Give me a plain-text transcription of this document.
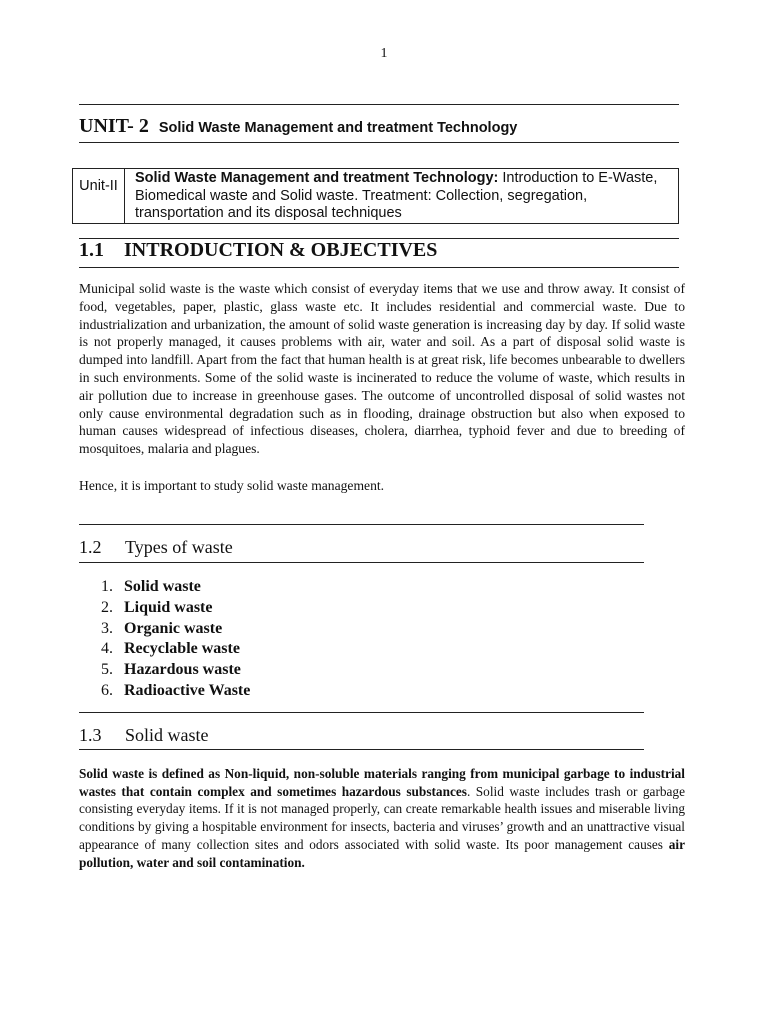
1
UNIT- 2 Solid Waste Management and treatment Technology
Unit-II	Solid Waste Management and treatment Technology: Introduction to E-Waste, Biomedical waste and Solid waste. Treatment: Collection, segregation, transportation and its disposal techniques
1.1 INTRODUCTION & OBJECTIVES

Municipal solid waste is the waste which consist of everyday items that we use and throw away. It consist of food, vegetables, paper, plastic, glass waste etc. It includes residential and commercial waste. Due to industrialization and urbanization, the amount of solid waste generation is increasing day by day. If solid waste is not properly managed, it causes problems with air, water and soil. As a part of disposal solid waste is dumped into landfill. Apart from the fact that human health is at great risk, life becomes unbearable to dwellers in such environments. Some of the solid waste is incinerated to reduce the volume of waste, which results in air pollution due to increase in greenhouse gases. The outcome of uncontrolled disposal of solid wastes not only cause environmental degradation such as in flooding, drainage obstruction but also when exposed to human causes widespread of infectious diseases, cholera, diarrhea, typhoid fever and due to breeding of mosquitoes, malaria and plagues.

Hence, it is important to study solid waste management.

1.2 Types of waste
1. Solid waste
2. Liquid waste
3. Organic waste
4. Recyclable waste
5. Hazardous waste
6. Radioactive Waste
1.3 Solid waste

Solid waste is defined as Non-liquid, non-soluble materials ranging from municipal garbage to industrial wastes that contain complex and sometimes hazardous substances. Solid waste includes trash or garbage consisting everyday items. If it is not managed properly, can create remarkable health issues and miserable living conditions by giving a hospitable environment for insects, bacteria and viruses’ growth and an unattractive visual appearance of many collection sites and odors associated with solid waste. Its poor management causes air pollution, water and soil contamination.
